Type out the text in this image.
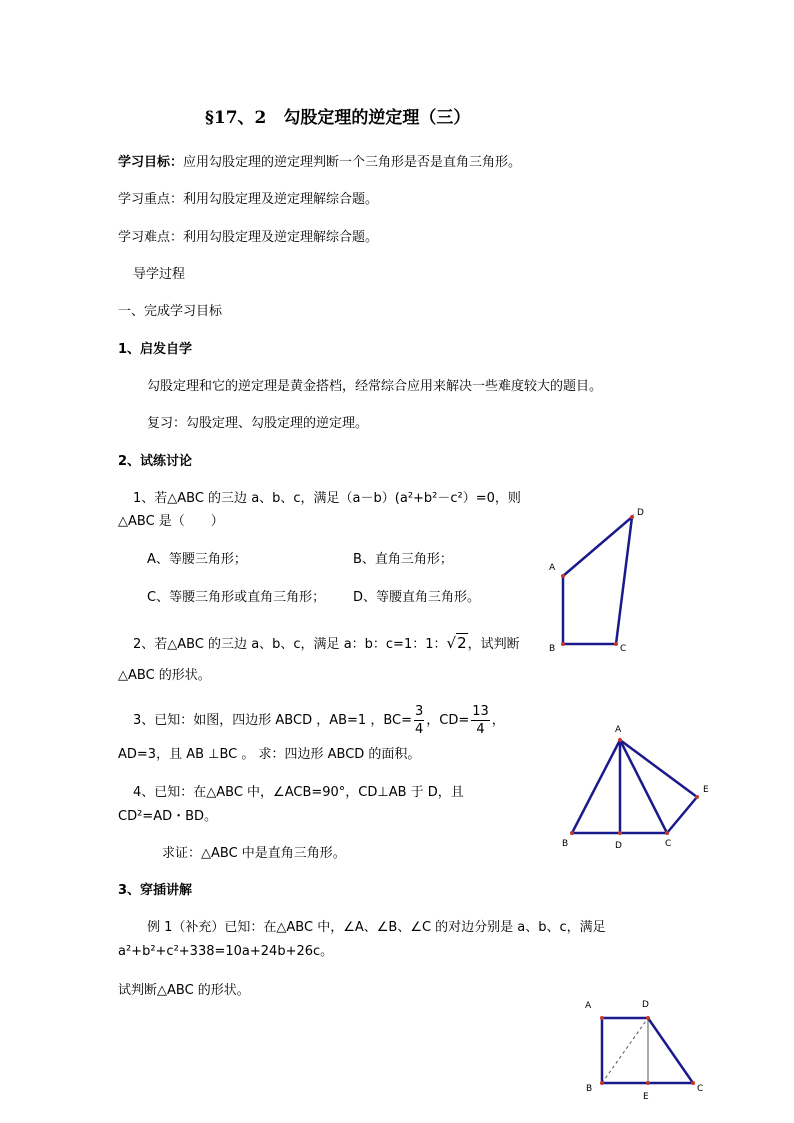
§17、2　勾股定理的逆定理（三）
学习目标：应用勾股定理的逆定理判断一个三角形是否是直角三角形。
学习重点：利用勾股定理及逆定理解综合题。
学习难点：利用勾股定理及逆定理解综合题。
导学过程
一、完成学习目标
1、启发自学
勾股定理和它的逆定理是黄金搭档，经常综合应用来解决一些难度较大的题目。
复习：勾股定理、勾股定理的逆定理。
2、试练讨论
1、若△ABC 的三边 a、b、c，满足（a－b）(a²+b²－c²）=0，则
△ABC 是（　　）
A、等腰三角形；	B、直角三角形；
C、等腰三角形或直角三角形； D、等腰直角三角形。
2、若△ABC 的三边 a、b、c，满足 a：b：c=1：1：√2，试判断
△ABC 的形状。
3、已知：如图，四边形 ABCD ，AB=1 ，$BC= \frac{3}{4}$ ，$CD= \frac{13}{4}$ ，
AD=3，且 AB ⊥BC 。 求：四边形 ABCD 的面积。
4、已知：在△ABC 中，∠ACB=90°，CD⊥AB 于 D，且
CD²=AD・BD。
求证：△ABC 中是直角三角形。
3、穿插讲解
例 1（补充）已知：在△ABC 中，∠A、∠B、∠C 的对边分别是 a、b、c，满足
a²+b²+c²+338=10a+24b+26c。
试判断△ABC 的形状。
A
D
C
B
A
B	D	C
E
A	D
C
B
E
